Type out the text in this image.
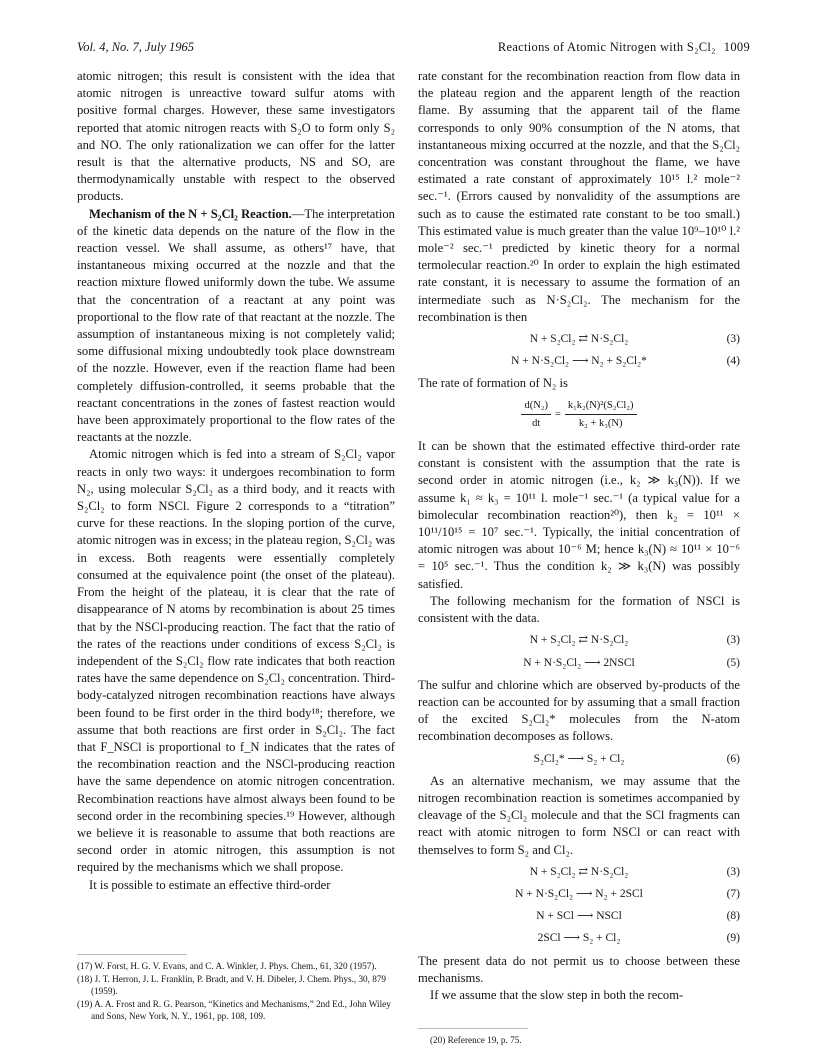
Vol. 4, No. 7, July 1965	Reactions of Atomic Nitrogen with S₂Cl₂ 1009

atomic nitrogen; this result is consistent with the idea that atomic nitrogen is unreactive toward sulfur atoms with positive formal charges. However, these same investigators reported that atomic nitrogen reacts with S₂O to form only S₂ and NO. The only rationalization we can offer for the latter result is that the alternative products, NS and SO, are thermodynamically unstable with respect to the observed products.

Mechanism of the N + S₂Cl₂ Reaction.—The interpretation of the kinetic data depends on the nature of the flow in the reaction vessel. We shall assume, as others¹⁷ have, that instantaneous mixing occurred at the nozzle and that the reaction mixture flowed uniformly down the tube. We assume that the concentration of a reactant at any point was proportional to the flow rate of that reactant at the nozzle. The assumption of instantaneous mixing is not completely valid; some diffusional mixing undoubtedly took place downstream of the nozzle. However, even if the reaction flame had been completely diffusion-controlled, it seems probable that the reactant concentrations in the zones of fastest reaction would have been approximately proportional to the flow rates of the reactants at the nozzle.

Atomic nitrogen which is fed into a stream of S₂Cl₂ vapor reacts in only two ways: it undergoes recombination to form N₂, using molecular S₂Cl₂ as a third body, and it reacts with S₂Cl₂ to form NSCl. Figure 2 corresponds to a “titration” curve for these reactions. In the sloping portion of the curve, atomic nitrogen was in excess; in the plateau region, S₂Cl₂ was in excess. Both reagents were essentially completely consumed at the equivalence point (the onset of the plateau). From the height of the plateau, it is clear that the rate of disappearance of N atoms by recombination is about 25 times that by the NSCl-producing reaction. The fact that the ratio of the rates of the reactions under conditions of excess S₂Cl₂ is independent of the S₂Cl₂ flow rate indicates that both reaction rates have the same dependence on S₂Cl₂ concentration. Third-body-catalyzed nitrogen recombination reactions have always been found to be first order in the third body¹⁸; therefore, we assume that both reactions are first order in S₂Cl₂. The fact that F_NSCl is proportional to f_N indicates that the rates of the recombination reaction and the NSCl-producing reaction have the same dependence on atomic nitrogen concentration. Recombination reactions have almost always been found to be second order in the recombining species.¹⁹ However, although we believe it is reasonable to assume that both reactions are second order in atomic nitrogen, this assumption is not required by the mechanisms which we shall propose.

It is possible to estimate an effective third-order

(17) W. Forst, H. G. V. Evans, and C. A. Winkler, J. Phys. Chem., 61, 320 (1957).

(18) J. T. Herron, J. L. Franklin, P. Bradt, and V. H. Dibeler, J. Chem. Phys., 30, 879 (1959).

(19) A. A. Frost and R. G. Pearson, “Kinetics and Mechanisms,” 2nd Ed., John Wiley and Sons, New York, N. Y., 1961, pp. 108, 109.

rate constant for the recombination reaction from flow data in the plateau region and the apparent length of the reaction flame. By assuming that the apparent tail of the flame corresponds to only 90% consumption of the N atoms, that instantaneous mixing occurred at the nozzle, and that the S₂Cl₂ concentration was constant throughout the flame, we have estimated a rate constant of approximately 10¹⁵ l.² mole⁻² sec.⁻¹. (Errors caused by nonvalidity of the assumptions are such as to cause the estimated rate constant to be too small.) This estimated value is much greater than the value 10⁹–10¹⁰ l.² mole⁻² sec.⁻¹ predicted by kinetic theory for a normal termolecular reaction.²⁰ In order to explain the high estimated rate constant, it is necessary to assume the formation of an intermediate such as N·S₂Cl₂. The mechanism for the recombination is then

N + S₂Cl₂ ⇄ N·S₂Cl₂	(3)
N + N·S₂Cl₂ ⟶ N₂ + S₂Cl₂*	(4)

The rate of formation of N₂ is

$\frac{\text{d(N₂)}}{dt} = \frac{\text{k₁k₂(N)²(S₂Cl₂)}}{\text{k₂ + k₃(N)}}$

It can be shown that the estimated effective third-order rate constant is consistent with the assumption that the rate is second order in atomic nitrogen (i.e., k₂ ≫ k₃(N)). If we assume k₁ ≈ k₃ = 10¹¹ l. mole⁻¹ sec.⁻¹ (a typical value for a bimolecular recombination reaction²⁰), then k₂ = 10¹¹ × 10¹¹/10¹⁵ = 10⁷ sec.⁻¹. Typically, the initial concentration of atomic nitrogen was about 10⁻⁶ M; hence k₃(N) ≈ 10¹¹ × 10⁻⁶ = 10⁵ sec.⁻¹. Thus the condition k₂ ≫ k₃(N) was possibly satisfied.

The following mechanism for the formation of NSCl is consistent with the data.

N + S₂Cl₂ ⇄ N·S₂Cl₂	(3)
N + N·S₂Cl₂ ⟶ 2NSCl	(5)

The sulfur and chlorine which are observed by-products of the reaction can be accounted for by assuming that a small fraction of the excited S₂Cl₂* molecules from the N-atom recombination decomposes as follows.

S₂Cl₂* ⟶ S₂ + Cl₂	(6)

As an alternative mechanism, we may assume that the nitrogen recombination reaction is sometimes accompanied by cleavage of the S₂Cl₂ molecule and that the SCl fragments can react with atomic nitrogen to form NSCl or can react with themselves to form S₂ and Cl₂.

N + S₂Cl₂ ⇄ N·S₂Cl₂	(3)
N + N·S₂Cl₂ ⟶ N₂ + 2SCl	(7)
N + SCl ⟶ NSCl	(8)
2SCl ⟶ S₂ + Cl₂	(9)

The present data do not permit us to choose between these mechanisms.

If we assume that the slow step in both the recom-

(20) Reference 19, p. 75.
